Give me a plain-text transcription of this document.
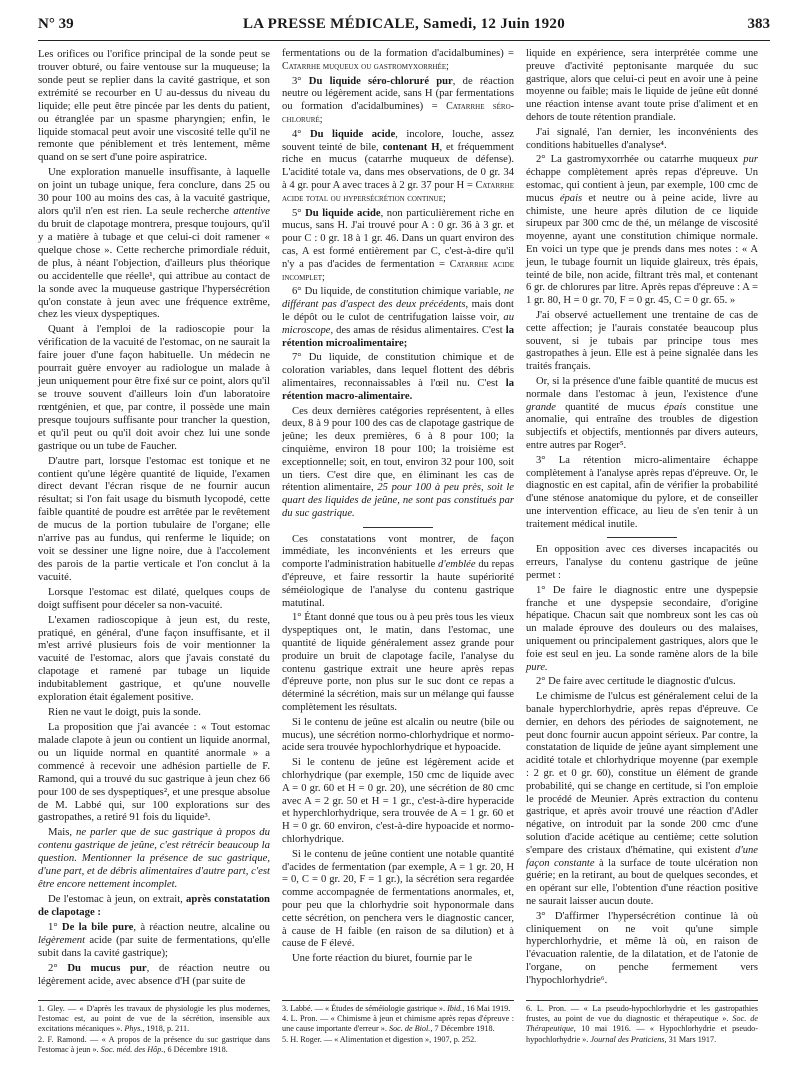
N° 39	LA PRESSE MÉDICALE, Samedi, 12 Juin 1920	383

Les orifices ou l'orifice principal de la sonde peut se trouver obturé, ou faire ventouse sur la muqueuse; la sonde peut se replier dans la cavité gastrique, et son extrémité se recourber en U au-dessus du niveau du liquide; elle peut être pincée par les dents du patient, ou étranglée par un spasme pharyngien; enfin, le liquide stomacal peut avoir une viscosité telle qu'il ne remonte que péniblement et très lentement, même quand on se sert d'une poire aspiratrice.

Une exploration manuelle insuffisante, à laquelle on joint un tubage unique, fera conclure, dans 25 ou 30 pour 100 au moins des cas, à la vacuité gastrique, alors qu'il n'en est rien. La seule recherche attentive du bruit de clapotage montrera, presque toujours, qu'il y a matière à tubage et que celui-ci doit ramener « quelque chose ». Cette recherche primordiale réduit, de plus, à néant l'objection, d'ailleurs plus théorique ou accidentelle que réelle¹, qui attribue au contact de la sonde avec la muqueuse gastrique l'hypersécrétion qu'on constate à jeun avec une fréquence extrême, chez les vieux dyspeptiques.

Quant à l'emploi de la radioscopie pour la vérification de la vacuité de l'estomac, on ne saurait la faire jouer d'une façon habituelle. Un médecin ne pourrait guère envoyer au radiologue un malade à jeun uniquement pour être fixé sur ce point, alors qu'il se trouve souvent d'ailleurs loin d'un laboratoire rœntgénien, et que, par contre, il possède une main presque toujours suffisante pour trancher la question, et qu'il peut ou qu'il doit avoir chez lui une sonde gastrique ou un tube de Faucher.

D'autre part, lorsque l'estomac est tonique et ne contient qu'une légère quantité de liquide, l'examen direct devant l'écran risque de ne fournir aucun résultat; si l'on fait usage du bismuth lycopodé, cette faible quantité de poudre est arrêtée par le revêtement de mucus de la portion tubulaire de l'organe; elle n'arrive pas au fundus, qui renferme le liquide; on voit se dessiner une ligne noire, due à l'accolement des parois de la partie verticale et l'on conclut à la vacuité.

Lorsque l'estomac est dilaté, quelques coups de doigt suffisent pour déceler sa non-vacuité.

L'examen radioscopique à jeun est, du reste, pratiqué, en général, d'une façon insuffisante, et il m'est arrivé plusieurs fois de voir mentionner la vacuité de l'estomac, alors que j'avais constaté du clapotage et ramené par tubage un liquide indubitablement gastrique, et qu'une nouvelle exploration était également positive.

Rien ne vaut le doigt, puis la sonde.

La proposition que j'ai avancée : « Tout estomac malade clapote à jeun ou contient un liquide anormal, ou un liquide normal en quantité anormale » a commencé à recevoir une adhésion partielle de F. Ramond, qui a trouvé du suc gastrique à jeun chez 66 pour 100 de ses dyspeptiques², et une presque absolue de M. Labbé qui, sur 100 explorations sur des gastropathes, a retiré 91 fois du liquide³.

Mais, ne parler que de suc gastrique à propos du contenu gastrique de jeûne, c'est rétrécir beaucoup la question. Mentionner la présence de suc gastrique, d'une part, et de débris alimentaires d'autre part, c'est être encore nettement incomplet.

De l'estomac à jeun, on extrait, après constatation de clapotage :

1° De la bile pure, à réaction neutre, alcaline ou légèrement acide (par suite de fermentations, qu'elle subit dans la cavité gastrique);

2° Du mucus pur, de réaction neutre ou légèrement acide, avec absence d'H (par suite de

fermentations ou de la formation d'acidalbumines) = Catarrhe muqueux ou gastromyxorrhée;

3° Du liquide séro-chloruré pur, de réaction neutre ou légèrement acide, sans H (par fermentations ou formation d'acidalbumines) = Catarrhe séro-chloruré;

4° Du liquide acide, incolore, louche, assez souvent teinté de bile, contenant H, et fréquemment riche en mucus (catarrhe muqueux de défense). L'acidité totale va, dans mes observations, de 0 gr. 34 à 4 gr. pour A avec traces à 2 gr. 37 pour H = Catarrhe acide total ou hypersécrétion continue;

5° Du liquide acide, non particulièrement riche en mucus, sans H. J'ai trouvé pour A : 0 gr. 36 à 3 gr. et pour C : 0 gr. 18 à 1 gr. 46. Dans un quart environ des cas, A est formé entièrement par C, c'est-à-dire qu'il n'y a pas d'acides de fermentation = Catarrhe acide incomplet;

6° Du liquide, de constitution chimique variable, ne différant pas d'aspect des deux précédents, mais dont le dépôt ou le culot de centrifugation laisse voir, au microscope, des amas de résidus alimentaires. C'est la rétention microalimentaire;

7° Du liquide, de constitution chimique et de coloration variables, dans lequel flottent des débris alimentaires, reconnaissables à l'œil nu. C'est la rétention macro-alimentaire.

Ces deux dernières catégories représentent, à elles deux, 8 à 9 pour 100 des cas de clapotage gastrique de jeûne; les deux premières, 6 à 8 pour 100; la cinquième, environ 18 pour 100; la troisième est exceptionnelle; soit, en tout, environ 32 pour 100, soit un tiers. C'est dire que, en éliminant les cas de rétention alimentaire, 25 pour 100 à peu près, soit le quart des liquides de jeûne, ne sont pas constitués par du suc gastrique.

Ces constatations vont montrer, de façon immédiate, les inconvénients et les erreurs que comporte l'administration habituelle d'emblée du repas d'épreuve, et faire ressortir la haute supériorité séméiologique de l'analyse du contenu gastrique matutinal.

1° Étant donné que tous ou à peu près tous les vieux dyspeptiques ont, le matin, dans l'estomac, une quantité de liquide généralement assez grande pour produire un bruit de clapotage facile, l'analyse du contenu gastrique extrait une heure après repas d'épreuve porte, non plus sur le suc dont ce repas a déterminé la sécrétion, mais sur un mélange qui fausse complètement les résultats.

Si le contenu de jeûne est alcalin ou neutre (bile ou mucus), une sécrétion normo-chlorhydrique et normo-acide sera trouvée hypochlorhydrique et hypoacide.

Si le contenu de jeûne est légèrement acide et chlorhydrique (par exemple, 150 cmc de liquide avec A = 0 gr. 60 et H = 0 gr. 20), une sécrétion de 80 cmc avec A = 2 gr. 50 et H = 1 gr., c'est-à-dire hyperacide et hyperchlorhydrique, sera trouvée de A = 1 gr. 60 et H = 0 gr. 60 environ, c'est-à-dire hypoacide et normo-chlorhydrique.

Si le contenu de jeûne contient une notable quantité d'acides de fermentation (par exemple, A = 1 gr. 20, H = 0, C = 0 gr. 20, F = 1 gr.), la sécrétion sera regardée comme accompagnée de fermentations anormales, et, pour peu que la chlorhydrie soit hyponormale dans cette sécrétion, on penchera vers le diagnostic cancer, à cause de H faible (en raison de sa dilution) et à cause de F élevé.

Une forte réaction du biuret, fournie par le

liquide en expérience, sera interprétée comme une preuve d'activité peptonisante marquée du suc gastrique, alors que celui-ci peut en avoir une à peine moyenne ou faible; mais le liquide de jeûne eût donné une réaction intense avant toute prise d'aliment et en dehors de toute rétention prandiale.

J'ai signalé, l'an dernier, les inconvénients des conditions habituelles d'analyse⁴.

2° La gastromyxorrhée ou catarrhe muqueux pur échappe complètement après repas d'épreuve. Un estomac, qui contient à jeun, par exemple, 100 cmc de mucus épais et neutre ou à peine acide, livre au chimiste, une heure après dilution de ce liquide sirupeux par 300 cmc de thé, un mélange de viscosité moyenne, ayant une constitution chimique normale. En voici un type que je prends dans mes notes : « A jeun, le tubage fournit un liquide glaireux, très épais, teinté de bile, non acide, filtrant très mal, et contenant 6 gr. de chlorures par litre. Après repas d'épreuve : A = 1 gr. 80, H = 0 gr. 70, F = 0 gr. 45, C = 0 gr. 65. »

J'ai observé actuellement une trentaine de cas de cette affection; je l'aurais constatée beaucoup plus souvent, si je tubais par principe tous mes gastropathes à jeun. Elle est à peine signalée dans les traités français.

Or, si la présence d'une faible quantité de mucus est normale dans l'estomac à jeun, l'existence d'une grande quantité de mucus épais constitue une anomalie, qui entraîne des troubles de digestion subjectifs et objectifs, mentionnés par divers auteurs, entre autres par Roger⁵.

3° La rétention micro-alimentaire échappe complètement à l'analyse après repas d'épreuve. Or, le diagnostic en est capital, afin de vérifier la probabilité d'une sténose anatomique du pylore, et de conseiller une intervention efficace, au lieu de s'en tenir à un traitement médical inutile.

En opposition avec ces diverses incapacités ou erreurs, l'analyse du contenu gastrique de jeûne permet :

1° De faire le diagnostic entre une dyspepsie franche et une dyspepsie secondaire, d'origine hépatique. Chacun sait que nombreux sont les cas où un malade éprouve des douleurs ou des malaises, uniquement ou principalement gastriques, alors que le foie est seul en jeu. La sonde ramène alors de la bile pure.

2° De faire avec certitude le diagnostic d'ulcus.

Le chimisme de l'ulcus est généralement celui de la banale hyperchlorhydrie, après repas d'épreuve. Ce dernier, en dehors des périodes de saignotement, ne peut donc fournir aucun appoint sérieux. Par contre, la constatation de liquide de jeûne ayant simplement une acidité totale et chlorhydrique moyenne (par exemple : 2 gr. et 0 gr. 60), constitue un élément de grande probabilité, qui se change en certitude, si l'on emploie le procédé de Meunier. Après extraction du contenu gastrique, et après avoir trouvé une réaction d'Adler négative, on introduit par la sonde 200 cmc d'une solution d'acide acétique au centième; cette solution s'empare des cristaux d'hématine, qui existent d'une façon constante à la surface de toute ulcération non guérie; en la retirant, au bout de quelques secondes, et en opérant sur elle, l'obtention d'une réaction positive ne saurait laisser aucun doute.

3° D'affirmer l'hypersécrétion continue là où cliniquement on ne voit qu'une simple hyperchlorhydrie, et même là où, en raison de l'évacuation ralentie, de la dilatation, et de l'atonie de l'organe, on penche fermement vers l'hypochlorhydrie⁶.

1. Gley. — « D'après les travaux de physiologie les plus modernes, l'estomac est, au point de vue de la sécrétion, insensible aux excitations mécaniques ». Phys., 1918, p. 211.

2. F. Ramond. — « A propos de la présence du suc gastrique dans l'estomac à jeun ». Soc. méd. des Hôp., 6 Décembre 1918.

3. Labbé. — « Études de séméiologie gastrique ». Ibid., 16 Mai 1919.

4. L. Pron. — « Chimisme à jeun et chimisme après repas d'épreuve : une cause importante d'erreur ». Soc. de Biol., 7 Décembre 1918.

5. H. Roger. — « Alimentation et digestion », 1907, p. 252.

6. L. Pron. — « La pseudo-hypochlorhydrie et les gastropathies frustes, au point de vue du diagnostic et thérapeutique ». Soc. de Thérapeutique, 10 mai 1916. — « Hypochlorhydrie et pseudo-hypochlorhydrie ». Journal des Praticiens, 31 Mars 1917.
